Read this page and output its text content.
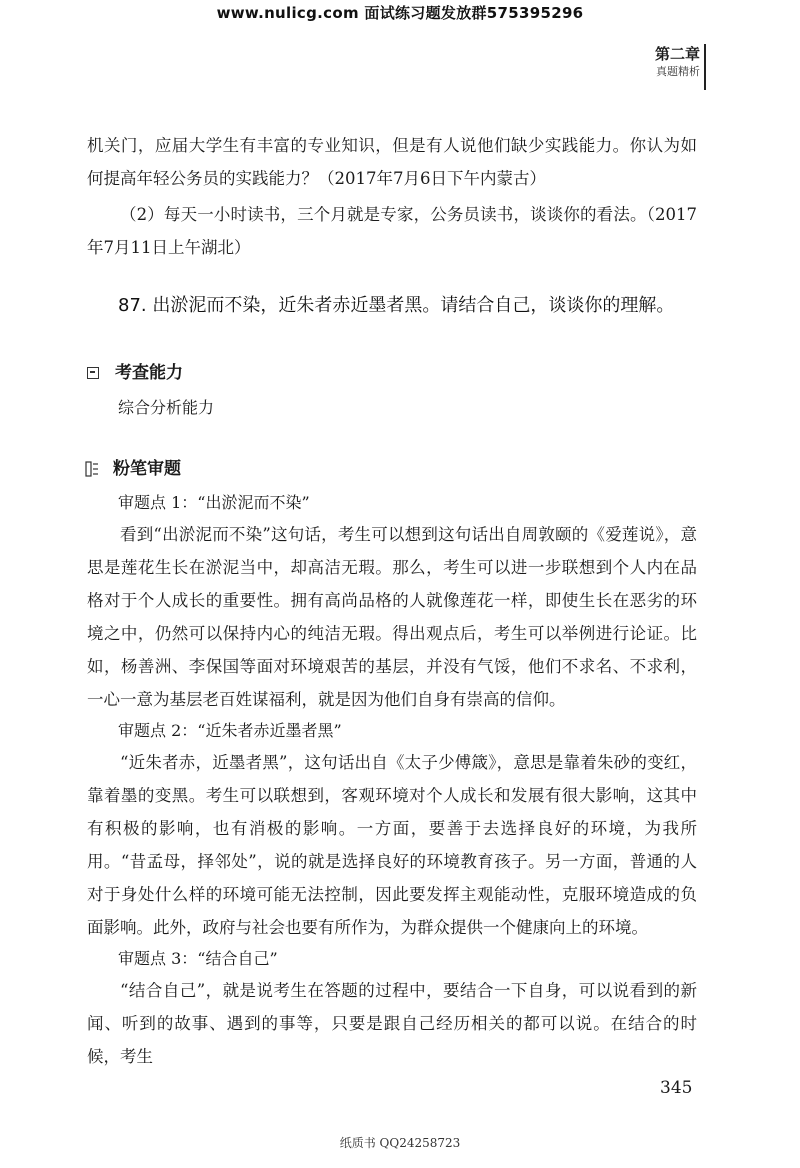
www.nulicg.com 面试练习题发放群575395296
第二章
真题精析
机关门，应届大学生有丰富的专业知识，但是有人说他们缺少实践能力。你认为如何提高年轻公务员的实践能力？（2017年7月6日下午内蒙古）
（2）每天一小时读书，三个月就是专家，公务员读书，谈谈你的看法。（2017年7月11日上午湖北）
87. 出淤泥而不染，近朱者赤近墨者黑。请结合自己，谈谈你的理解。
考查能力
综合分析能力
粉笔审题
审题点 1：“出淤泥而不染”
看到“出淤泥而不染”这句话，考生可以想到这句话出自周敦颐的《爱莲说》，意思是莲花生长在淤泥当中，却高洁无瑕。那么，考生可以进一步联想到个人内在品格对于个人成长的重要性。拥有高尚品格的人就像莲花一样，即使生长在恶劣的环境之中，仍然可以保持内心的纯洁无瑕。得出观点后，考生可以举例进行论证。比如，杨善洲、李保国等面对环境艰苦的基层，并没有气馁，他们不求名、不求利，一心一意为基层老百姓谋福利，就是因为他们自身有崇高的信仰。
审题点 2：“近朱者赤近墨者黑”
“近朱者赤，近墨者黑”，这句话出自《太子少傅箴》，意思是靠着朱砂的变红，靠着墨的变黑。考生可以联想到，客观环境对个人成长和发展有很大影响，这其中有积极的影响，也有消极的影响。一方面，要善于去选择良好的环境，为我所用。“昔孟母，择邻处”，说的就是选择良好的环境教育孩子。另一方面，普通的人对于身处什么样的环境可能无法控制，因此要发挥主观能动性，克服环境造成的负面影响。此外，政府与社会也要有所作为，为群众提供一个健康向上的环境。
审题点 3：“结合自己”
“结合自己”，就是说考生在答题的过程中，要结合一下自身，可以说看到的新闻、听到的故事、遇到的事等，只要是跟自己经历相关的都可以说。在结合的时候，考生
345
纸质书 QQ24258723
